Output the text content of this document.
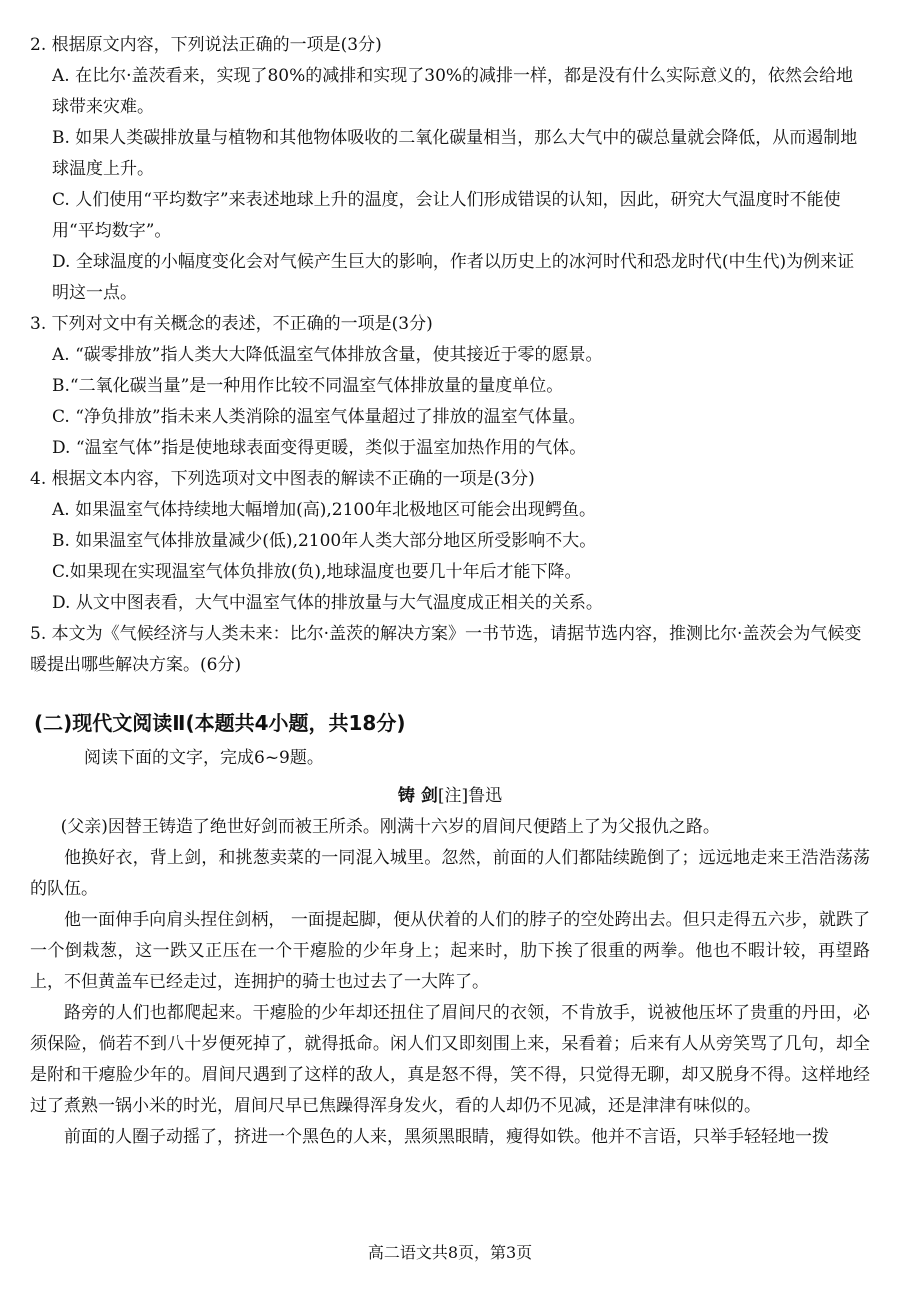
2. 根据原文内容，下列说法正确的一项是(3分)

A. 在比尔·盖茨看来，实现了80%的减排和实现了30%的减排一样，都是没有什么实际意义的，依然会给地球带来灾难。

B. 如果人类碳排放量与植物和其他物体吸收的二氧化碳量相当，那么大气中的碳总量就会降低，从而遏制地球温度上升。

C. 人们使用“平均数字”来表述地球上升的温度，会让人们形成错误的认知，因此，研究大气温度时不能使用“平均数字”。

D. 全球温度的小幅度变化会对气候产生巨大的影响，作者以历史上的冰河时代和恐龙时代(中生代)为例来证明这一点。

3. 下列对文中有关概念的表述，不正确的一项是(3分)

A. “碳零排放”指人类大大降低温室气体排放含量，使其接近于零的愿景。

B.“二氧化碳当量”是一种用作比较不同温室气体排放量的量度单位。

C. “净负排放”指未来人类消除的温室气体量超过了排放的温室气体量。

D. “温室气体”指是使地球表面变得更暖，类似于温室加热作用的气体。

4. 根据文本内容，下列选项对文中图表的解读不正确的一项是(3分)

A. 如果温室气体持续地大幅增加(高),2100年北极地区可能会出现鳄鱼。

B. 如果温室气体排放量减少(低),2100年人类大部分地区所受影响不大。

C.如果现在实现温室气体负排放(负),地球温度也要几十年后才能下降。

D. 从文中图表看，大气中温室气体的排放量与大气温度成正相关的关系。

5. 本文为《气候经济与人类未来：比尔·盖茨的解决方案》一书节选，请据节选内容，推测比尔·盖茨会为气候变暖提出哪些解决方案。(6分)

(二)现代文阅读Ⅱ(本题共4小题，共18分)

阅读下面的文字，完成6~9题。

铸 剑[注]鲁迅

(父亲)因替王铸造了绝世好剑而被王所杀。刚满十六岁的眉间尺便踏上了为父报仇之路。

他换好衣，背上剑，和挑葱卖菜的一同混入城里。忽然，前面的人们都陆续跪倒了；远远地走来王浩浩荡荡的队伍。

他一面伸手向肩头捏住剑柄， 一面提起脚，便从伏着的人们的脖子的空处跨出去。但只走得五六步，就跌了一个倒栽葱，这一跌又正压在一个干瘪脸的少年身上；起来时，肋下挨了很重的两拳。他也不暇计较，再望路上，不但黄盖车已经走过，连拥护的骑士也过去了一大阵了。

路旁的人们也都爬起来。干瘪脸的少年却还扭住了眉间尺的衣领，不肯放手，说被他压坏了贵重的丹田，必须保险，倘若不到八十岁便死掉了，就得抵命。闲人们又即刻围上来，呆看着；后来有人从旁笑骂了几句，却全是附和干瘪脸少年的。眉间尺遇到了这样的敌人，真是怒不得，笑不得，只觉得无聊，却又脱身不得。这样地经过了煮熟一锅小米的时光，眉间尺早已焦躁得浑身发火，看的人却仍不见减，还是津津有味似的。

前面的人圈子动摇了，挤进一个黑色的人来，黑须黑眼睛，瘦得如铁。他并不言语，只举手轻轻地一拨

高二语文共8页，第3页
